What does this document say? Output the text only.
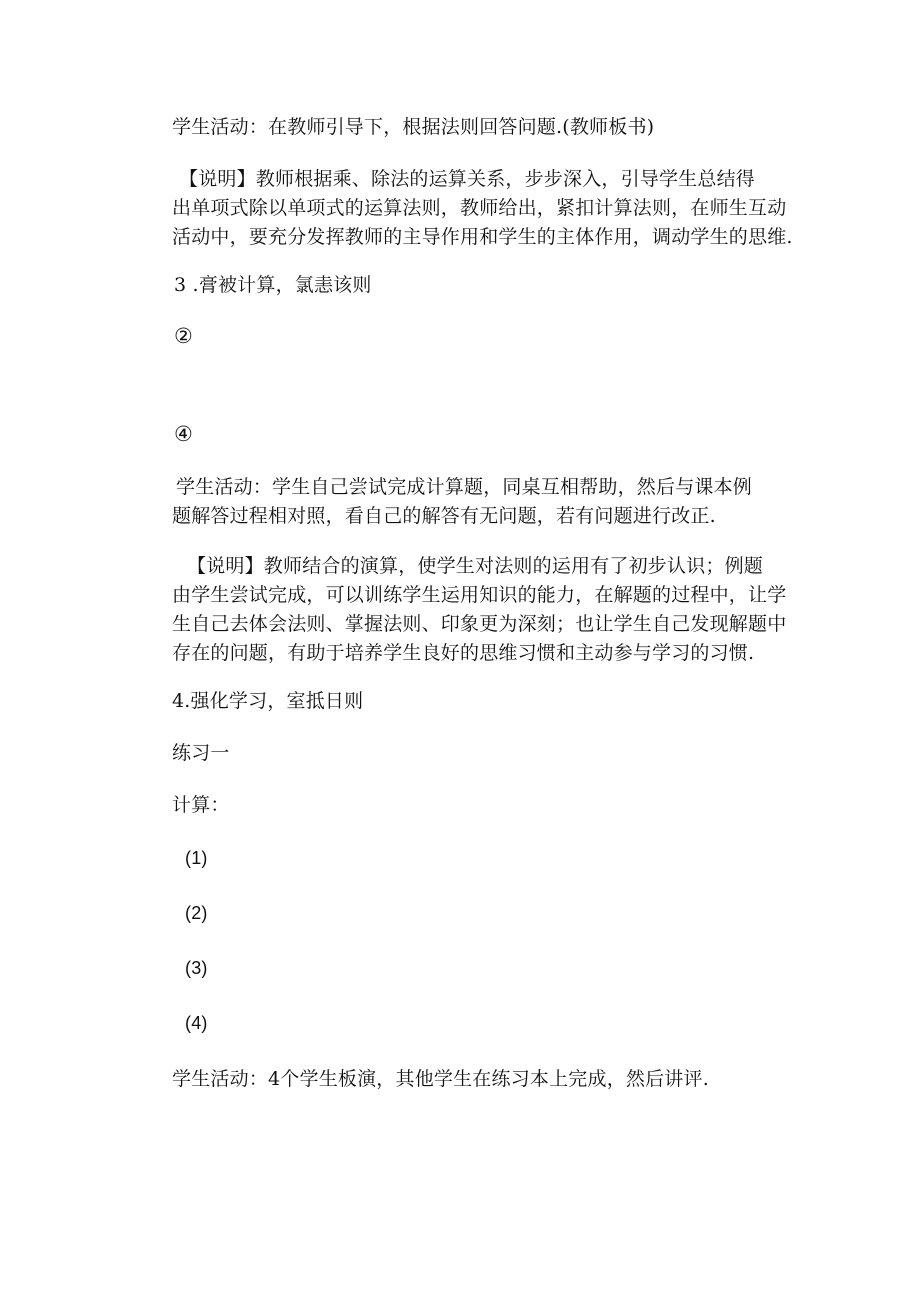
学生活动：在教师引导下，根据法则回答问题.(教师板书)
【说明】教师根据乘、除法的运算关系，步步深入，引导学生总结得
出单项式除以单项式的运算法则，教师给出，紧扣计算法则，在师生互动
活动中，要充分发挥教师的主导作用和学生的主体作用，调动学生的思维.
3 .膏被计算，氯恚该则
②
④
学生活动：学生自己尝试完成计算题，同桌互相帮助，然后与课本例
题解答过程相对照，看自己的解答有无问题，若有问题进行改正.
【说明】教师结合的演算，使学生对法则的运用有了初步认识；例题
由学生尝试完成，可以训练学生运用知识的能力，在解题的过程中，让学
生自己去体会法则、掌握法则、印象更为深刻；也让学生自己发现解题中
存在的问题，有助于培养学生良好的思维习惯和主动参与学习的习惯.
4.强化学习，室抵日则
练习一
计算：
(1)
(2)
(3)
(4)
学生活动：4个学生板演，其他学生在练习本上完成，然后讲评.
